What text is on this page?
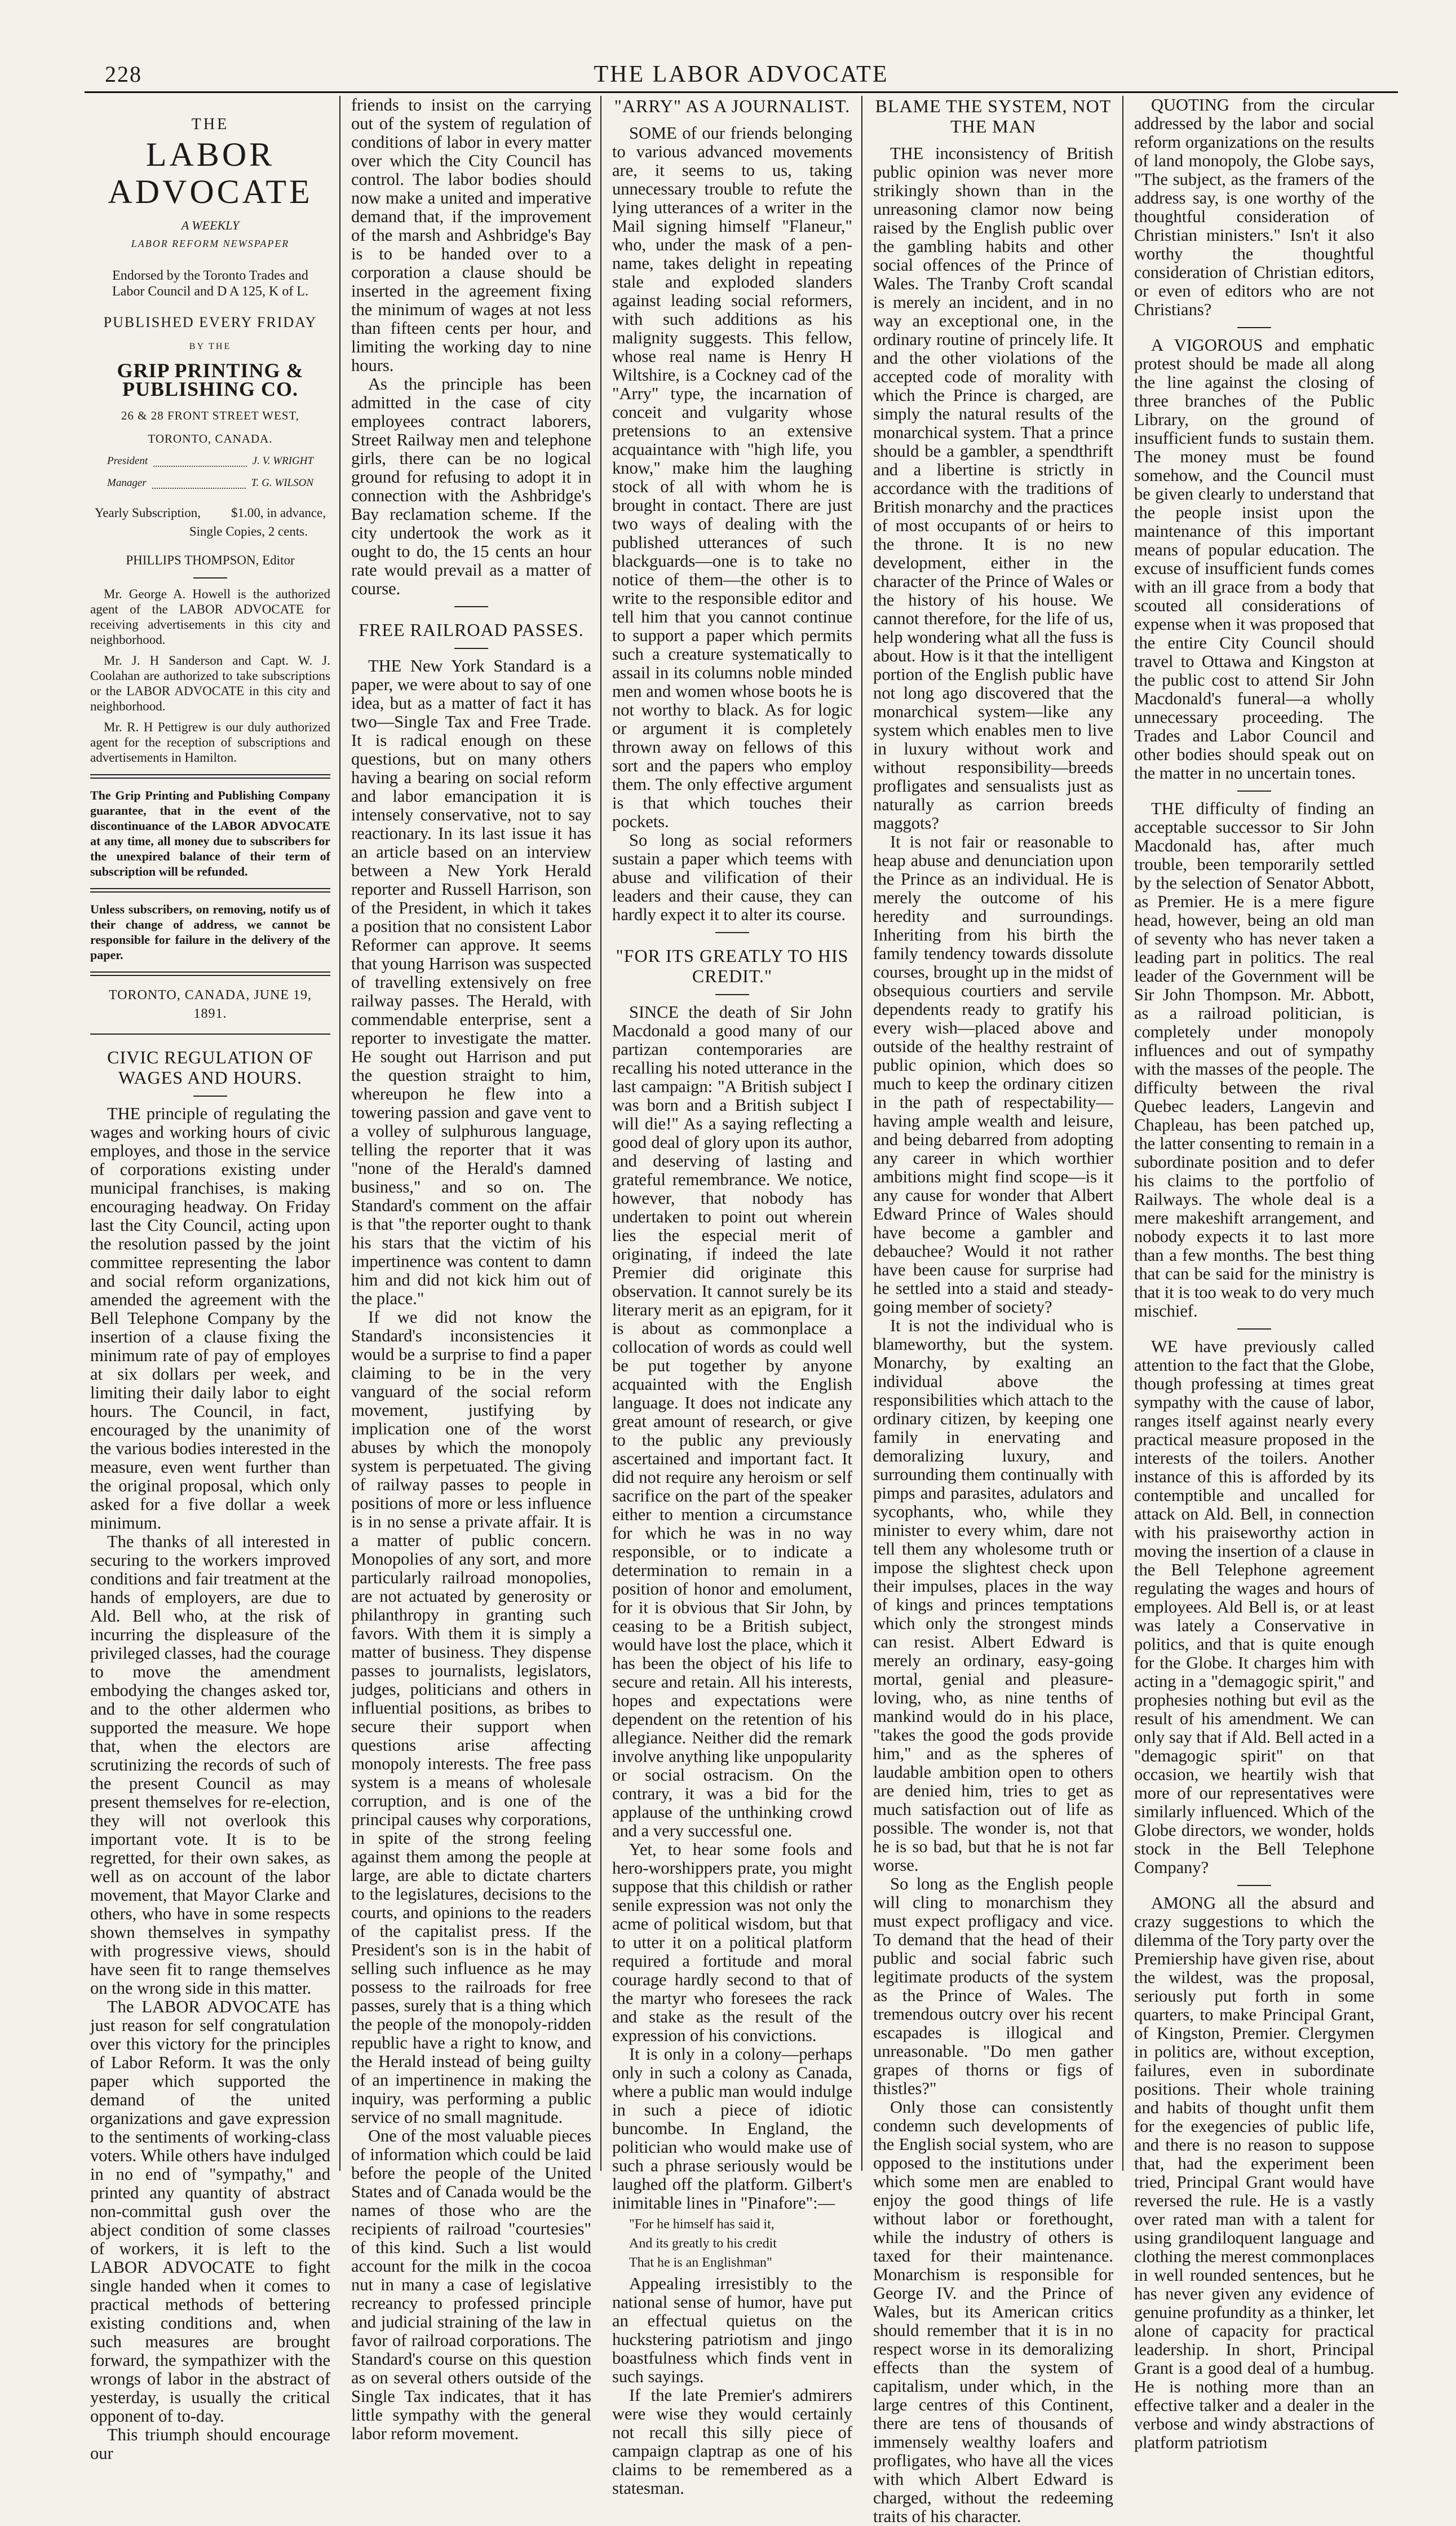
228	THE LABOR ADVOCATE
THE
LABOR ADVOCATE
A WEEKLY
LABOR REFORM NEWSPAPER
Endorsed by the Toronto Trades and Labor Council and D A 125, K of L.
PUBLISHED EVERY FRIDAY
BY THE
GRIP PRINTING & PUBLISHING CO.
26 & 28 FRONT STREET WEST,
TORONTO, CANADA.
President	J. V. WRIGHT
Manager	T. G. WILSON
Yearly Subscription, $1.00, in advance,
Single Copies, 2 cents.
PHILLIPS THOMPSON, Editor
Mr. George A. Howell is the authorized agent of the LABOR ADVOCATE for receiving advertisements in this city and neighborhood.
Mr. J. H Sanderson and Capt. W. J. Coolahan are authorized to take subscriptions or the LABOR ADVOCATE in this city and neighborhood.
Mr. R. H Pettigrew is our duly authorized agent for the reception of subscriptions and advertisements in Hamilton.
The Grip Printing and Publishing Company guarantee, that in the event of the discontinuance of the LABOR ADVOCATE at any time, all money due to subscribers for the unexpired balance of their term of subscription will be refunded.
Unless subscribers, on removing, notify us of their change of address, we cannot be responsible for failure in the delivery of the paper.
TORONTO, CANADA, JUNE 19, 1891.
CIVIC REGULATION OF WAGES AND HOURS.

THE principle of regulating the wages and working hours of civic employes, and those in the service of corporations existing under municipal franchises, is making encouraging headway. On Friday last the City Council, acting upon the resolution passed by the joint committee representing the labor and social reform organizations, amended the agreement with the Bell Telephone Company by the insertion of a clause fixing the minimum rate of pay of employes at six dollars per week, and limiting their daily labor to eight hours. The Council, in fact, encouraged by the unanimity of the various bodies interested in the measure, even went further than the original proposal, which only asked for a five dollar a week minimum.

The thanks of all interested in securing to the workers improved conditions and fair treatment at the hands of employers, are due to Ald. Bell who, at the risk of incurring the displeasure of the privileged classes, had the courage to move the amendment embodying the changes asked tor, and to the other aldermen who supported the measure. We hope that, when the electors are scrutinizing the records of such of the present Council as may present themselves for re-election, they will not overlook this important vote. It is to be regretted, for their own sakes, as well as on account of the labor movement, that Mayor Clarke and others, who have in some respects shown themselves in sympathy with progressive views, should have seen fit to range themselves on the wrong side in this matter.

The LABOR ADVOCATE has just reason for self congratulation over this victory for the principles of Labor Reform. It was the only paper which supported the demand of the united organizations and gave expression to the sentiments of working-class voters. While others have indulged in no end of "sympathy," and printed any quantity of abstract non-committal gush over the abject condition of some classes of workers, it is left to the LABOR ADVOCATE to fight single handed when it comes to practical methods of bettering existing conditions and, when such measures are brought forward, the sympathizer with the wrongs of labor in the abstract of yesterday, is usually the critical opponent of to-day.

This triumph should encourage our

friends to insist on the carrying out of the system of regulation of conditions of labor in every matter over which the City Council has control. The labor bodies should now make a united and imperative demand that, if the improvement of the marsh and Ashbridge's Bay is to be handed over to a corporation a clause should be inserted in the agreement fixing the minimum of wages at not less than fifteen cents per hour, and limiting the working day to nine hours.

As the principle has been admitted in the case of city employees contract laborers, Street Railway men and telephone girls, there can be no logical ground for refusing to adopt it in connection with the Ashbridge's Bay reclamation scheme. If the city undertook the work as it ought to do, the 15 cents an hour rate would prevail as a matter of course.

FREE RAILROAD PASSES.

THE New York Standard is a paper, we were about to say of one idea, but as a matter of fact it has two—Single Tax and Free Trade. It is radical enough on these questions, but on many others having a bearing on social reform and labor emancipation it is intensely conservative, not to say reactionary. In its last issue it has an article based on an interview between a New York Herald reporter and Russell Harrison, son of the President, in which it takes a position that no consistent Labor Reformer can approve. It seems that young Harrison was suspected of travelling extensively on free railway passes. The Herald, with commendable enterprise, sent a reporter to investigate the matter. He sought out Harrison and put the question straight to him, whereupon he flew into a towering passion and gave vent to a volley of sulphurous language, telling the reporter that it was "none of the Herald's damned business," and so on. The Standard's comment on the affair is that "the reporter ought to thank his stars that the victim of his impertinence was content to damn him and did not kick him out of the place."

If we did not know the Standard's inconsistencies it would be a surprise to find a paper claiming to be in the very vanguard of the social reform movement, justifying by implication one of the worst abuses by which the monopoly system is perpetuated. The giving of railway passes to people in positions of more or less influence is in no sense a private affair. It is a matter of public concern. Monopolies of any sort, and more particularly railroad monopolies, are not actuated by generosity or philanthropy in granting such favors. With them it is simply a matter of business. They dispense passes to journalists, legislators, judges, politicians and others in influential positions, as bribes to secure their support when questions arise affecting monopoly interests. The free pass system is a means of wholesale corruption, and is one of the principal causes why corporations, in spite of the strong feeling against them among the people at large, are able to dictate charters to the legislatures, decisions to the courts, and opinions to the readers of the capitalist press. If the President's son is in the habit of selling such influence as he may possess to the railroads for free passes, surely that is a thing which the people of the monopoly-ridden republic have a right to know, and the Herald instead of being guilty of an impertinence in making the inquiry, was performing a public service of no small magnitude.

One of the most valuable pieces of information which could be laid before the people of the United States and of Canada would be the names of those who are the recipients of railroad "courtesies" of this kind. Such a list would account for the milk in the cocoa nut in many a case of legislative recreancy to professed principle and judicial straining of the law in favor of railroad corporations. The Standard's course on this question as on several others outside of the Single Tax indicates, that it has little sympathy with the general labor reform movement.

"ARRY" AS A JOURNALIST.

SOME of our friends belonging to various advanced movements are, it seems to us, taking unnecessary trouble to refute the lying utterances of a writer in the Mail signing himself "Flaneur," who, under the mask of a pen-name, takes delight in repeating stale and exploded slanders against leading social reformers, with such additions as his malignity suggests. This fellow, whose real name is Henry H Wiltshire, is a Cockney cad of the "Arry" type, the incarnation of conceit and vulgarity whose pretensions to an extensive acquaintance with "high life, you know," make him the laughing stock of all with whom he is brought in contact. There are just two ways of dealing with the published utterances of such blackguards—one is to take no notice of them—the other is to write to the responsible editor and tell him that you cannot continue to support a paper which permits such a creature systematically to assail in its columns noble minded men and women whose boots he is not worthy to black. As for logic or argument it is completely thrown away on fellows of this sort and the papers who employ them. The only effective argument is that which touches their pockets.

So long as social reformers sustain a paper which teems with abuse and vilification of their leaders and their cause, they can hardly expect it to alter its course.

"FOR ITS GREATLY TO HIS CREDIT."

SINCE the death of Sir John Macdonald a good many of our partizan contemporaries are recalling his noted utterance in the last campaign: "A British subject I was born and a British subject I will die!" As a saying reflecting a good deal of glory upon its author, and deserving of lasting and grateful remembrance. We notice, however, that nobody has undertaken to point out wherein lies the especial merit of originating, if indeed the late Premier did originate this observation. It cannot surely be its literary merit as an epigram, for it is about as commonplace a collocation of words as could well be put together by anyone acquainted with the English language. It does not indicate any great amount of research, or give to the public any previously ascertained and important fact. It did not require any heroism or self sacrifice on the part of the speaker either to mention a circumstance for which he was in no way responsible, or to indicate a determination to remain in a position of honor and emolument, for it is obvious that Sir John, by ceasing to be a British subject, would have lost the place, which it has been the object of his life to secure and retain. All his interests, hopes and expectations were dependent on the retention of his allegiance. Neither did the remark involve anything like unpopularity or social ostracism. On the contrary, it was a bid for the applause of the unthinking crowd and a very successful one.

Yet, to hear some fools and hero-worshippers prate, you might suppose that this childish or rather senile expression was not only the acme of political wisdom, but that to utter it on a political platform required a fortitude and moral courage hardly second to that of the martyr who foresees the rack and stake as the result of the expression of his convictions.

It is only in a colony—perhaps only in such a colony as Canada, where a public man would indulge in such a piece of idiotic buncombe. In England, the politician who would make use of such a phrase seriously would be laughed off the platform. Gilbert's inimitable lines in "Pinafore":—

"For he himself has said it,
And its greatly to his credit
That he is an Englishman"

Appealing irresistibly to the national sense of humor, have put an effectual quietus on the huckstering patriotism and jingo boastfulness which finds vent in such sayings.

If the late Premier's admirers were wise they would certainly not recall this silly piece of campaign claptrap as one of his claims to be remembered as a statesman.

BLAME THE SYSTEM, NOT THE MAN

THE inconsistency of British public opinion was never more strikingly shown than in the unreasoning clamor now being raised by the English public over the gambling habits and other social offences of the Prince of Wales. The Tranby Croft scandal is merely an incident, and in no way an exceptional one, in the ordinary routine of princely life. It and the other violations of the accepted code of morality with which the Prince is charged, are simply the natural results of the monarchical system. That a prince should be a gambler, a spendthrift and a libertine is strictly in accordance with the traditions of British monarchy and the practices of most occupants of or heirs to the throne. It is no new development, either in the character of the Prince of Wales or the history of his house. We cannot therefore, for the life of us, help wondering what all the fuss is about. How is it that the intelligent portion of the English public have not long ago discovered that the monarchical system—like any system which enables men to live in luxury without work and without responsibility—breeds profligates and sensualists just as naturally as carrion breeds maggots?

It is not fair or reasonable to heap abuse and denunciation upon the Prince as an individual. He is merely the outcome of his heredity and surroundings. Inheriting from his birth the family tendency towards dissolute courses, brought up in the midst of obsequious courtiers and servile dependents ready to gratify his every wish—placed above and outside of the healthy restraint of public opinion, which does so much to keep the ordinary citizen in the path of respectability—having ample wealth and leisure, and being debarred from adopting any career in which worthier ambitions might find scope—is it any cause for wonder that Albert Edward Prince of Wales should have become a gambler and debauchee? Would it not rather have been cause for surprise had he settled into a staid and steady-going member of society?

It is not the individual who is blameworthy, but the system. Monarchy, by exalting an individual above the responsibilities which attach to the ordinary citizen, by keeping one family in enervating and demoralizing luxury, and surrounding them continually with pimps and parasites, adulators and sycophants, who, while they minister to every whim, dare not tell them any wholesome truth or impose the slightest check upon their impulses, places in the way of kings and princes temptations which only the strongest minds can resist. Albert Edward is merely an ordinary, easy-going mortal, genial and pleasure-loving, who, as nine tenths of mankind would do in his place, "takes the good the gods provide him," and as the spheres of laudable ambition open to others are denied him, tries to get as much satisfaction out of life as possible. The wonder is, not that he is so bad, but that he is not far worse.

So long as the English people will cling to monarchism they must expect profligacy and vice. To demand that the head of their public and social fabric such legitimate products of the system as the Prince of Wales. The tremendous outcry over his recent escapades is illogical and unreasonable. "Do men gather grapes of thorns or figs of thistles?"

Only those can consistently condemn such developments of the English social system, who are opposed to the institutions under which some men are enabled to enjoy the good things of life without labor or forethought, while the industry of others is taxed for their maintenance. Monarchism is responsible for George IV. and the Prince of Wales, but its American critics should remember that it is in no respect worse in its demoralizing effects than the system of capitalism, under which, in the large centres of this Continent, there are tens of thousands of immensely wealthy loafers and profligates, who have all the vices with which Albert Edward is charged, without the redeeming traits of his character.

QUOTING from the circular addressed by the labor and social reform organizations on the results of land monopoly, the Globe says, "The subject, as the framers of the address say, is one worthy of the thoughtful consideration of Christian ministers." Isn't it also worthy the thoughtful consideration of Christian editors, or even of editors who are not Christians?

A VIGOROUS and emphatic protest should be made all along the line against the closing of three branches of the Public Library, on the ground of insufficient funds to sustain them. The money must be found somehow, and the Council must be given clearly to understand that the people insist upon the maintenance of this important means of popular education. The excuse of insufficient funds comes with an ill grace from a body that scouted all considerations of expense when it was proposed that the entire City Council should travel to Ottawa and Kingston at the public cost to attend Sir John Macdonald's funeral—a wholly unnecessary proceeding. The Trades and Labor Council and other bodies should speak out on the matter in no uncertain tones.

THE difficulty of finding an acceptable successor to Sir John Macdonald has, after much trouble, been temporarily settled by the selection of Senator Abbott, as Premier. He is a mere figure head, however, being an old man of seventy who has never taken a leading part in politics. The real leader of the Government will be Sir John Thompson. Mr. Abbott, as a railroad politician, is completely under monopoly influences and out of sympathy with the masses of the people. The difficulty between the rival Quebec leaders, Langevin and Chapleau, has been patched up, the latter consenting to remain in a subordinate position and to defer his claims to the portfolio of Railways. The whole deal is a mere makeshift arrangement, and nobody expects it to last more than a few months. The best thing that can be said for the ministry is that it is too weak to do very much mischief.

WE have previously called attention to the fact that the Globe, though professing at times great sympathy with the cause of labor, ranges itself against nearly every practical measure proposed in the interests of the toilers. Another instance of this is afforded by its contemptible and uncalled for attack on Ald. Bell, in connection with his praiseworthy action in moving the insertion of a clause in the Bell Telephone agreement regulating the wages and hours of employees. Ald Bell is, or at least was lately a Conservative in politics, and that is quite enough for the Globe. It charges him with acting in a "demagogic spirit," and prophesies nothing but evil as the result of his amendment. We can only say that if Ald. Bell acted in a "demagogic spirit" on that occasion, we heartily wish that more of our representatives were similarly influenced. Which of the Globe directors, we wonder, holds stock in the Bell Telephone Company?

AMONG all the absurd and crazy suggestions to which the dilemma of the Tory party over the Premiership have given rise, about the wildest, was the proposal, seriously put forth in some quarters, to make Principal Grant, of Kingston, Premier. Clergymen in politics are, without exception, failures, even in subordinate positions. Their whole training and habits of thought unfit them for the exegencies of public life, and there is no reason to suppose that, had the experiment been tried, Principal Grant would have reversed the rule. He is a vastly over rated man with a talent for using grandiloquent language and clothing the merest commonplaces in well rounded sentences, but he has never given any evidence of genuine profundity as a thinker, let alone of capacity for practical leadership. In short, Principal Grant is a good deal of a humbug. He is nothing more than an effective talker and a dealer in the verbose and windy abstractions of platform patriotism
